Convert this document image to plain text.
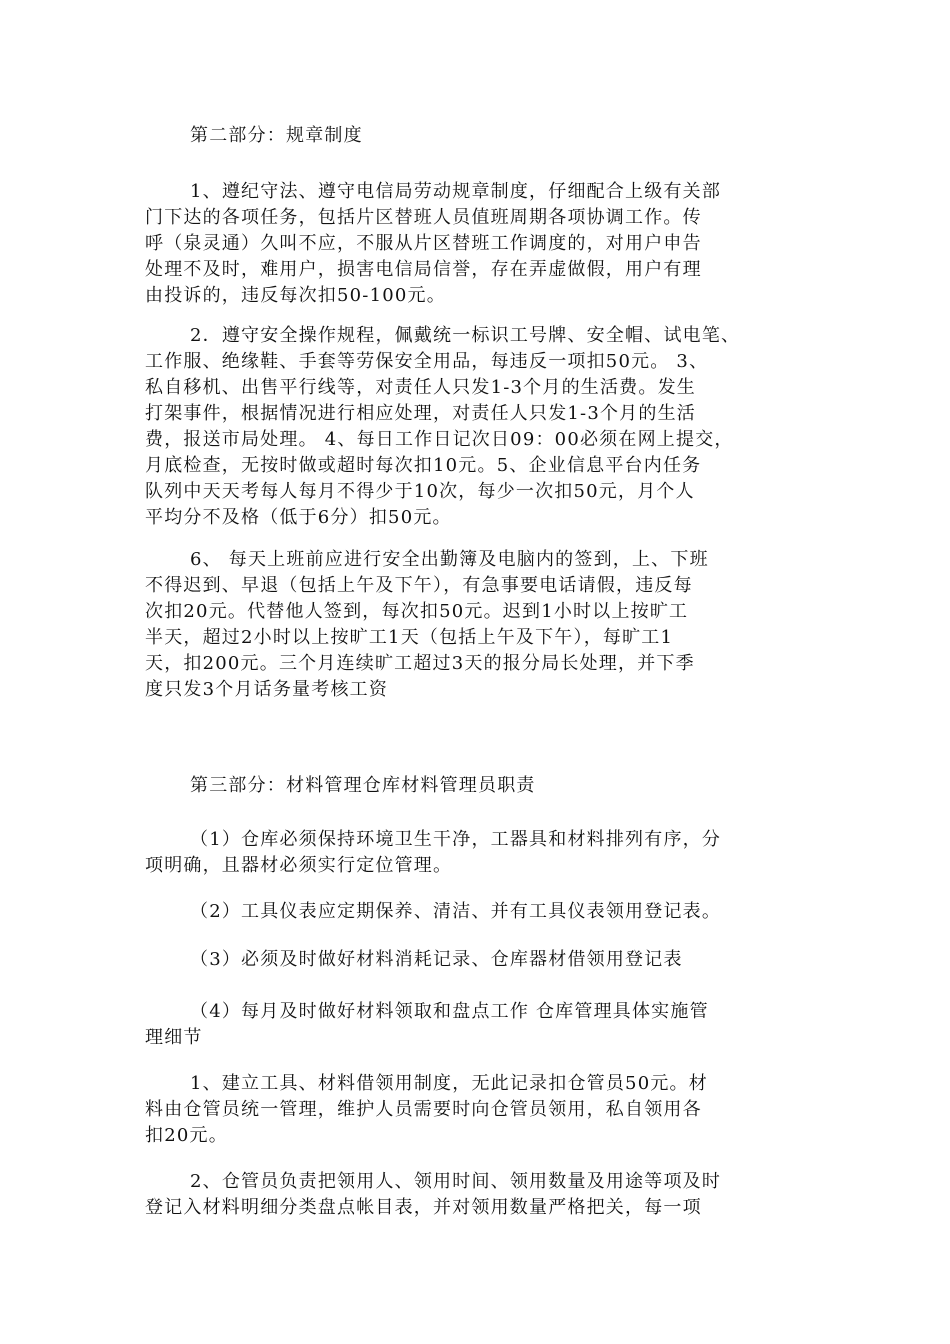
第二部分：规章制度

1、遵纪守法、遵守电信局劳动规章制度，仔细配合上级有关部

门下达的各项任务，包括片区替班人员值班周期各项协调工作。传

呼（泉灵通）久叫不应，不服从片区替班工作调度的，对用户申告

处理不及时，难用户，损害电信局信誉，存在弄虚做假，用户有理

由投诉的，违反每次扣50-100元。

2．遵守安全操作规程，佩戴统一标识工号牌、安全帽、试电笔、

工作服、绝缘鞋、手套等劳保安全用品，每违反一项扣50元。 3、

私自移机、出售平行线等，对责任人只发1-3个月的生活费。发生

打架事件，根据情况进行相应处理，对责任人只发1-3个月的生活

费，报送市局处理。 4、每日工作日记次日09：00必须在网上提交，

月底检查，无按时做或超时每次扣10元。5、企业信息平台内任务

队列中天天考每人每月不得少于10次，每少一次扣50元，月个人

平均分不及格（低于6分）扣50元。

6、 每天上班前应进行安全出勤簿及电脑内的签到，上、下班

不得迟到、早退（包括上午及下午），有急事要电话请假，违反每

次扣20元。代替他人签到，每次扣50元。迟到1小时以上按旷工

半天，超过2小时以上按旷工1天（包括上午及下午），每旷工1

天，扣200元。三个月连续旷工超过3天的报分局长处理，并下季

度只发3个月话务量考核工资

第三部分：材料管理仓库材料管理员职责

（1）仓库必须保持环境卫生干净，工器具和材料排列有序，分

项明确，且器材必须实行定位管理。

（2）工具仪表应定期保养、清洁、并有工具仪表领用登记表。

（3）必须及时做好材料消耗记录、仓库器材借领用登记表

（4）每月及时做好材料领取和盘点工作 仓库管理具体实施管

理细节

1、建立工具、材料借领用制度，无此记录扣仓管员50元。材

料由仓管员统一管理，维护人员需要时向仓管员领用，私自领用各

扣20元。

2、仓管员负责把领用人、领用时间、领用数量及用途等项及时

登记入材料明细分类盘点帐目表，并对领用数量严格把关，每一项
